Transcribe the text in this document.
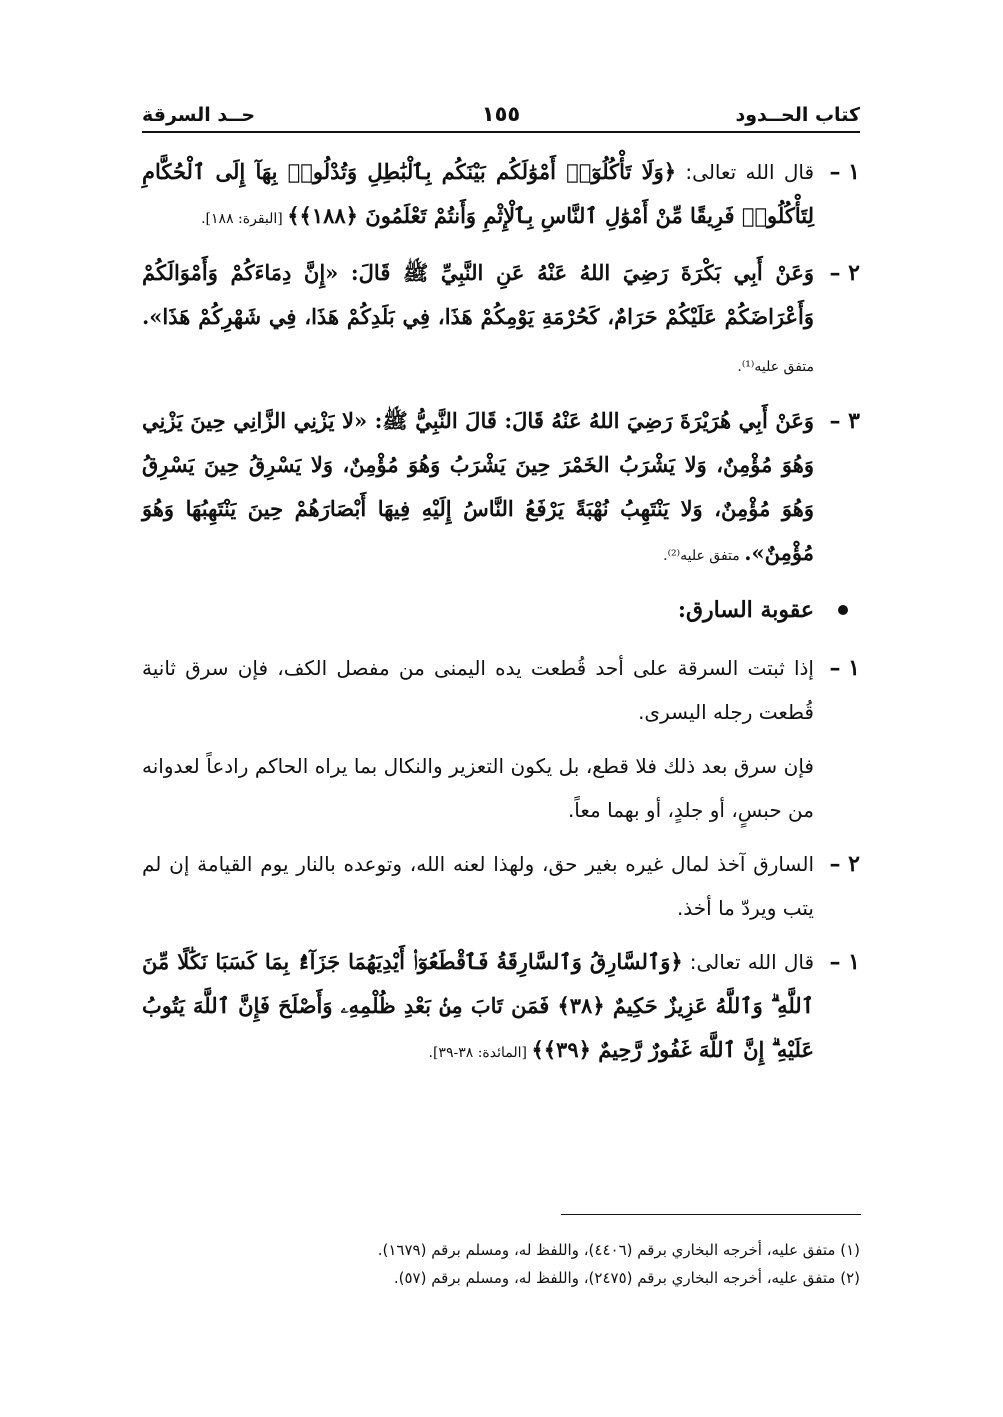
كتاب الحــدود
١٥٥
حــد السرقة
١ –
قال الله تعالى: ﴿وَلَا تَأْكُلُوٓا۟ أَمْوَٰلَكُم بَيْنَكُم بِٱلْبَٰطِلِ وَتُدْلُوا۟ بِهَآ إِلَى ٱلْحُكَّامِ لِتَأْكُلُوا۟ فَرِيقًا مِّنْ أَمْوَٰلِ ٱلنَّاسِ بِٱلْإِثْمِ وَأَنتُمْ تَعْلَمُونَ ﴿١٨٨﴾﴾ [البقرة: ١٨٨].
٢ –
وَعَنْ أَبِي بَكْرَةَ رَضِيَ اللهُ عَنْهُ عَنِ النَّبِيِّ ﷺ قَالَ: «إِنَّ دِمَاءَكُمْ وَأَمْوَالَكُمْ وَأَعْرَاضَكُمْ عَلَيْكُمْ حَرَامٌ، كَحُرْمَةِ يَوْمِكُمْ هَذَا، فِي بَلَدِكُمْ هَذَا، فِي شَهْرِكُمْ هَذَا». متفق عليه⁽¹⁾.
٣ –
وَعَنْ أَبِي هُرَيْرَةَ رَضِيَ اللهُ عَنْهُ قَالَ: قَالَ النَّبِيُّ ﷺ: «لا يَزْنِي الزَّانِي حِينَ يَزْنِي وَهُوَ مُؤْمِنٌ، وَلا يَشْرَبُ الخَمْرَ حِينَ يَشْرَبُ وَهُوَ مُؤْمِنٌ، وَلا يَسْرِقُ حِينَ يَسْرِقُ وَهُوَ مُؤْمِنٌ، وَلا يَنْتَهِبُ نُهْبَةً يَرْفَعُ النَّاسُ إِلَيْهِ فِيهَا أَبْصَارَهُمْ حِينَ يَنْتَهِبُهَا وَهُوَ مُؤْمِنٌ». متفق عليه⁽²⁾.
عقوبة السارق:
١ –
إذا ثبتت السرقة على أحد قُطعت يده اليمنى من مفصل الكف، فإن سرق ثانية قُطعت رجله اليسرى.
فإن سرق بعد ذلك فلا قطع، بل يكون التعزير والنكال بما يراه الحاكم رادعاً لعدوانه من حبسٍ، أو جلدٍ، أو بهما معاً.
٢ –
السارق آخذ لمال غيره بغير حق، ولهذا لعنه الله، وتوعده بالنار يوم القيامة إن لم يتب ويردّ ما أخذ.
١ –
قال الله تعالى: ﴿وَٱلسَّارِقُ وَٱلسَّارِقَةُ فَٱقْطَعُوٓا۟ أَيْدِيَهُمَا جَزَآءًۢ بِمَا كَسَبَا نَكَٰلًا مِّنَ ٱللَّهِ ۗ وَٱللَّهُ عَزِيزٌ حَكِيمٌ ﴿٣٨﴾ فَمَن تَابَ مِنۢ بَعْدِ ظُلْمِهِۦ وَأَصْلَحَ فَإِنَّ ٱللَّهَ يَتُوبُ عَلَيْهِ ۗ إِنَّ ٱللَّهَ غَفُورٌ رَّحِيمٌ ﴿٣٩﴾﴾ [المائدة: ٣٨-٣٩].
(١) متفق عليه، أخرجه البخاري برقم (٤٤٠٦)، واللفظ له، ومسلم برقم (١٦٧٩).
(٢) متفق عليه، أخرجه البخاري برقم (٢٤٧٥)، واللفظ له، ومسلم برقم (٥٧).
